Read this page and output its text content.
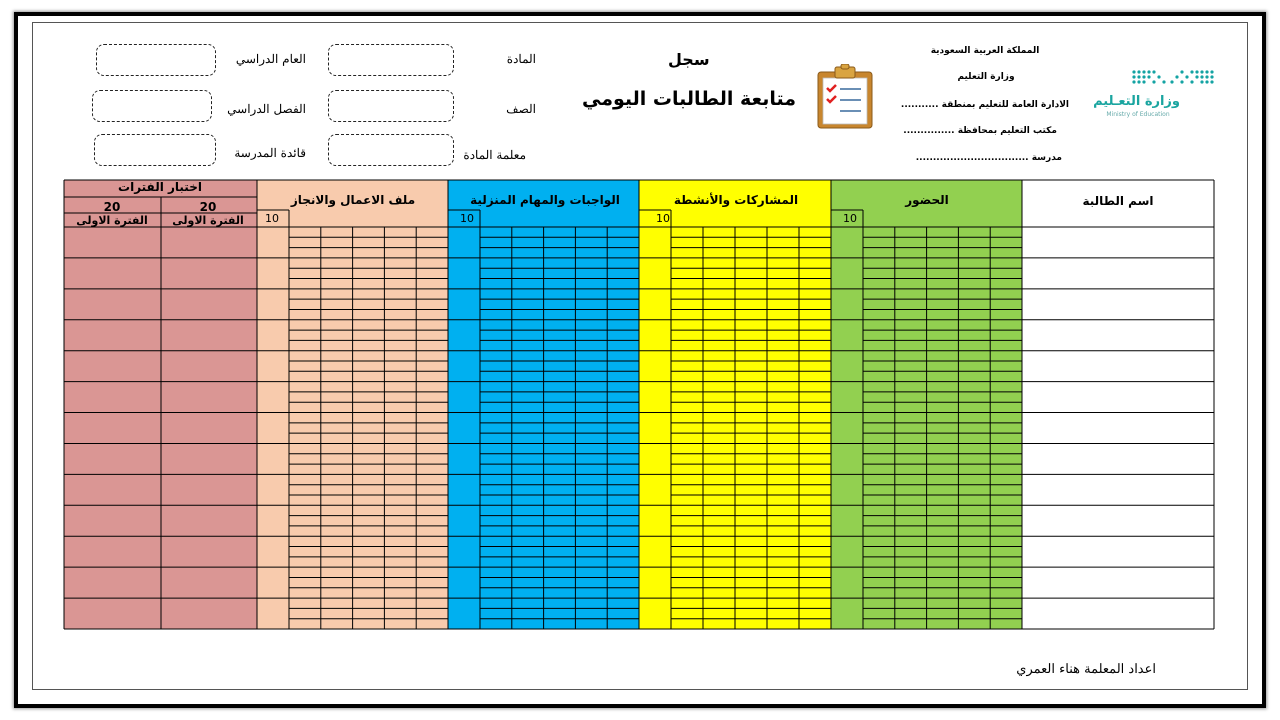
وزارة التعـليم
Ministry of Education
المملكة العربية السعودية
وزارة التعليم
الادارة العامة للتعليم بمنطقة ...........
مكتب التعليم بمحافظة ...............
مدرسة .................................
سجل
متابعة الطالبات اليومي
المادة
الصف
معلمة المادة
العام الدراسي
الفصل الدراسي
قائدة المدرسة
اسم الطالبة
الحضور
المشاركات والأنشطة
الواجبات والمهام المنزلية
ملف الاعمال والانجاز
اختبار الفترات
20
20
الفترة الاولى
الفترة الاولى	10
10
10
10
اعداد المعلمة هناء العمري
